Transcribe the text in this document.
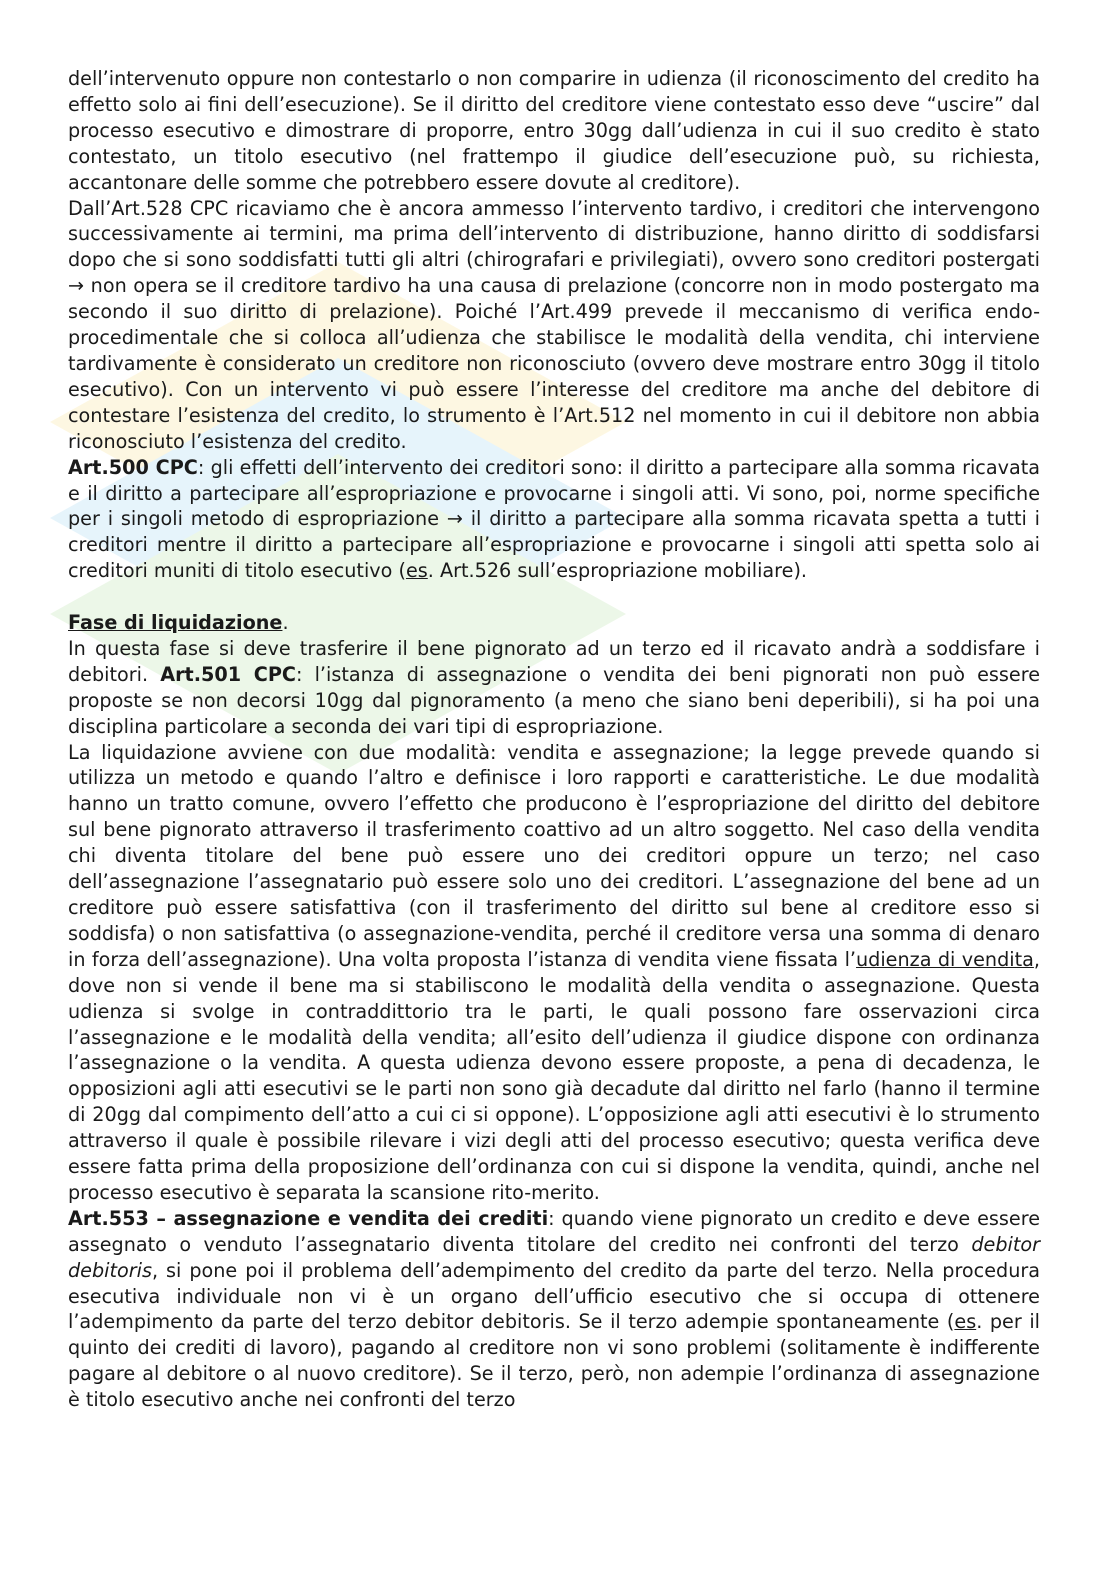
dell’intervenuto oppure non contestarlo o non comparire in udienza (il riconoscimento del credito ha effetto solo ai fini dell’esecuzione). Se il diritto del creditore viene contestato esso deve “uscire” dal processo esecutivo e dimostrare di proporre, entro 30gg dall’udienza in cui il suo credito è stato contestato, un titolo esecutivo (nel frattempo il giudice dell’esecuzione può, su richiesta, accantonare delle somme che potrebbero essere dovute al creditore).

Dall’Art.528 CPC ricaviamo che è ancora ammesso l’intervento tardivo, i creditori che intervengono successivamente ai termini, ma prima dell’intervento di distribuzione, hanno diritto di soddisfarsi dopo che si sono soddisfatti tutti gli altri (chirografari e privilegiati), ovvero sono creditori postergati → non opera se il creditore tardivo ha una causa di prelazione (concorre non in modo postergato ma secondo il suo diritto di prelazione). Poiché l’Art.499 prevede il meccanismo di verifica endo-procedimentale che si colloca all’udienza che stabilisce le modalità della vendita, chi interviene tardivamente è considerato un creditore non riconosciuto (ovvero deve mostrare entro 30gg il titolo esecutivo). Con un intervento vi può essere l’interesse del creditore ma anche del debitore di contestare l’esistenza del credito, lo strumento è l’Art.512 nel momento in cui il debitore non abbia riconosciuto l’esistenza del credito.

Art.500 CPC: gli effetti dell’intervento dei creditori sono: il diritto a partecipare alla somma ricavata e il diritto a partecipare all’espropriazione e provocarne i singoli atti. Vi sono, poi, norme specifiche per i singoli metodo di espropriazione → il diritto a partecipare alla somma ricavata spetta a tutti i creditori mentre il diritto a partecipare all’espropriazione e provocarne i singoli atti spetta solo ai creditori muniti di titolo esecutivo (es. Art.526 sull’espropriazione mobiliare).

Fase di liquidazione.

In questa fase si deve trasferire il bene pignorato ad un terzo ed il ricavato andrà a soddisfare i debitori. Art.501 CPC: l’istanza di assegnazione o vendita dei beni pignorati non può essere proposte se non decorsi 10gg dal pignoramento (a meno che siano beni deperibili), si ha poi una disciplina particolare a seconda dei vari tipi di espropriazione.

La liquidazione avviene con due modalità: vendita e assegnazione; la legge prevede quando si utilizza un metodo e quando l’altro e definisce i loro rapporti e caratteristiche. Le due modalità hanno un tratto comune, ovvero l’effetto che producono è l’espropriazione del diritto del debitore sul bene pignorato attraverso il trasferimento coattivo ad un altro soggetto. Nel caso della vendita chi diventa titolare del bene può essere uno dei creditori oppure un terzo; nel caso dell’assegnazione l’assegnatario può essere solo uno dei creditori. L’assegnazione del bene ad un creditore può essere satisfattiva (con il trasferimento del diritto sul bene al creditore esso si soddisfa) o non satisfattiva (o assegnazione-vendita, perché il creditore versa una somma di denaro in forza dell’assegnazione). Una volta proposta l’istanza di vendita viene fissata l’udienza di vendita, dove non si vende il bene ma si stabiliscono le modalità della vendita o assegnazione. Questa udienza si svolge in contraddittorio tra le parti, le quali possono fare osservazioni circa l’assegnazione e le modalità della vendita; all’esito dell’udienza il giudice dispone con ordinanza l’assegnazione o la vendita. A questa udienza devono essere proposte, a pena di decadenza, le opposizioni agli atti esecutivi se le parti non sono già decadute dal diritto nel farlo (hanno il termine di 20gg dal compimento dell’atto a cui ci si oppone). L’opposizione agli atti esecutivi è lo strumento attraverso il quale è possibile rilevare i vizi degli atti del processo esecutivo; questa verifica deve essere fatta prima della proposizione dell’ordinanza con cui si dispone la vendita, quindi, anche nel processo esecutivo è separata la scansione rito-merito.

Art.553 – assegnazione e vendita dei crediti: quando viene pignorato un credito e deve essere assegnato o venduto l’assegnatario diventa titolare del credito nei confronti del terzo debitor debitoris, si pone poi il problema dell’adempimento del credito da parte del terzo. Nella procedura esecutiva individuale non vi è un organo dell’ufficio esecutivo che si occupa di ottenere l’adempimento da parte del terzo debitor debitoris. Se il terzo adempie spontaneamente (es. per il quinto dei crediti di lavoro), pagando al creditore non vi sono problemi (solitamente è indifferente pagare al debitore o al nuovo creditore). Se il terzo, però, non adempie l’ordinanza di assegnazione è titolo esecutivo anche nei confronti del terzo
